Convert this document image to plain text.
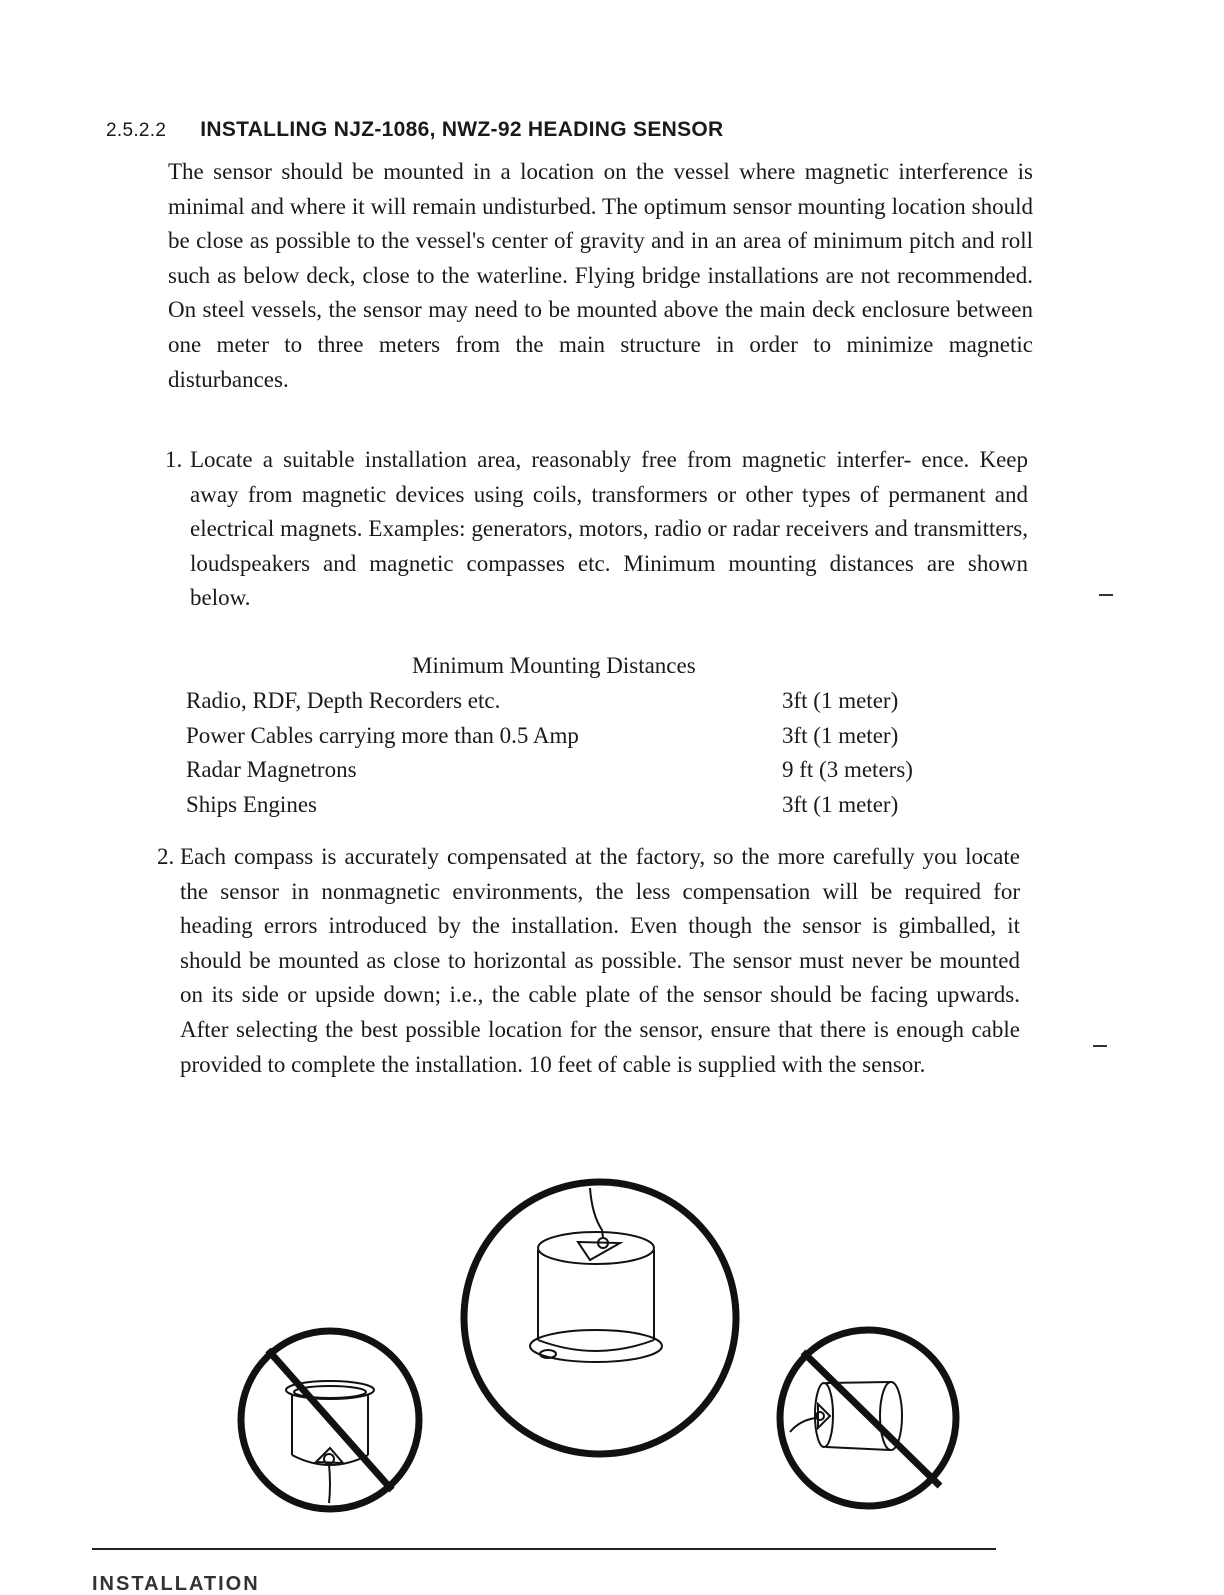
2.5.2.2 INSTALLING NJZ-1086, NWZ-92 HEADING SENSOR
The sensor should be mounted in a location on the vessel where magnetic interference is minimal and where it will remain undisturbed. The optimum sensor mounting location should be close as possible to the vessel's center of gravity and in an area of minimum pitch and roll such as below deck, close to the waterline. Flying bridge installations are not recommended. On steel vessels, the sensor may need to be mounted above the main deck enclosure between one meter to three meters from the main structure in order to minimize magnetic disturbances.
1. Locate a suitable installation area, reasonably free from magnetic interfer- ence. Keep away from magnetic devices using coils, transformers or other types of permanent and electrical magnets. Examples: generators, motors, radio or radar receivers and transmitters, loudspeakers and magnetic compasses etc. Minimum mounting distances are shown below.
Minimum Mounting Distances
Radio, RDF, Depth Recorders etc.	3ft (1 meter)
Power Cables carrying more than 0.5 Amp	3ft (1 meter)
Radar Magnetrons	9 ft (3 meters)
Ships Engines	3ft (1 meter)
2. Each compass is accurately compensated at the factory, so the more carefully you locate the sensor in nonmagnetic environments, the less compensation will be required for heading errors introduced by the installation. Even though the sensor is gimballed, it should be mounted as close to horizontal as possible. The sensor must never be mounted on its side or upside down; i.e., the cable plate of the sensor should be facing upwards. After selecting the best possible location for the sensor, ensure that there is enough cable provided to complete the installation. 10 feet of cable is supplied with the sensor.
INSTALLATION
